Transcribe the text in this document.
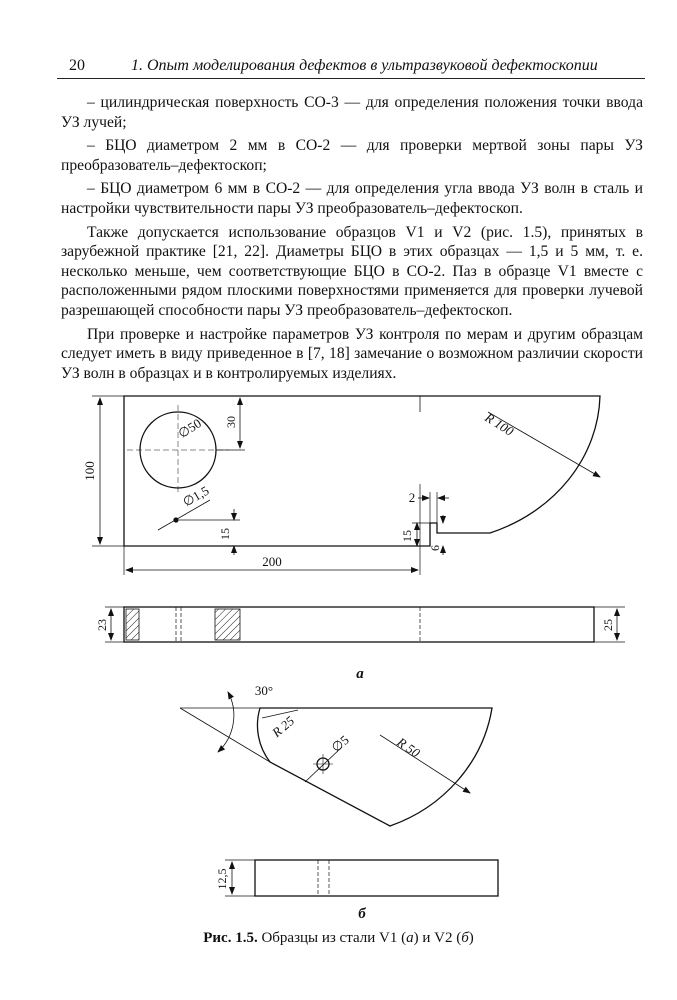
20	1. Опыт моделирования дефектов в ультразвуковой дефектоскопии

– цилиндрическая поверхность СО-3 — для определения положения точки ввода УЗ лучей;

– БЦО диаметром 2 мм в СО-2 — для проверки мертвой зоны пары УЗ преобразователь–дефектоскоп;

– БЦО диаметром 6 мм в СО-2 — для определения угла ввода УЗ волн в сталь и настройки чувствительности пары УЗ преобразователь–дефектоскоп.

Также допускается использование образцов V1 и V2 (рис. 1.5), принятых в зарубежной практике [21, 22]. Диаметры БЦО в этих образцах — 1,5 и 5 мм, т. е. несколько меньше, чем соответствующие БЦО в СО-2. Паз в образце V1 вместе с расположенными рядом плоскими поверхностями применяется для проверки лучевой разрешающей способности пары УЗ преобразователь–дефектоскоп.

При проверке и настройке параметров УЗ контроля по мерам и другим образцам следует иметь в виду приведенное в [7, 18] замечание о возможном различии скорости УЗ волн в образцах и в контролируемых изделиях.

100
∅50 30	R 100
∅1,5
15
2
15
6
200
23	25
а
30°
R 25
∅5	R 50
12,5
б
Рис. 1.5. Образцы из стали V1 (а) и V2 (б)
